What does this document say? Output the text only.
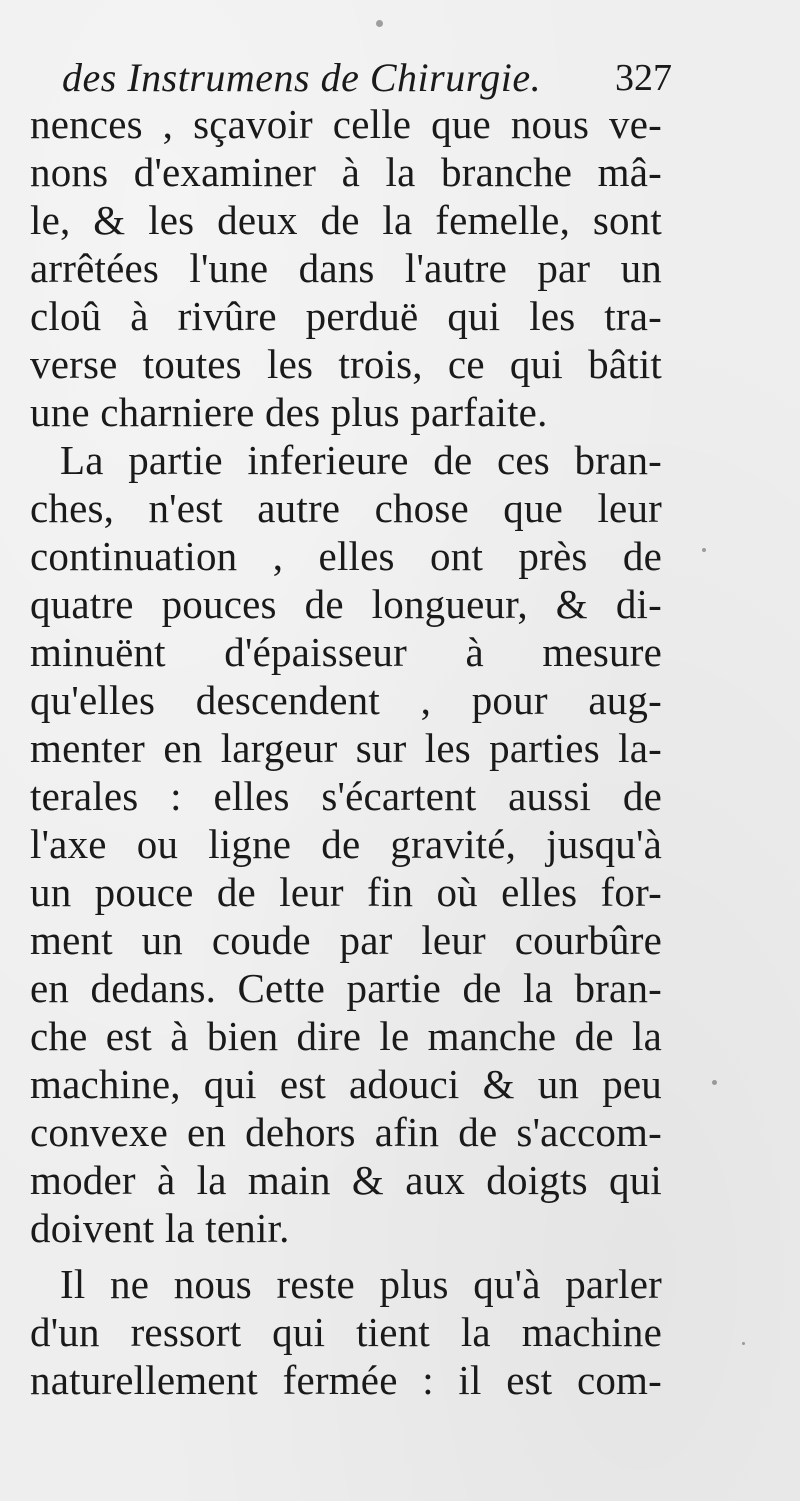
des Instrumens de Chirurgie. 327
nences , sçavoir celle que nous ve-
nons d'examiner à la branche mâ-
le, & les deux de la femelle, sont
arrêtées l'une dans l'autre par un
cloû à rivûre perduë qui les tra-
verse toutes les trois, ce qui bâtit
une charniere des plus parfaite.
La partie inferieure de ces bran-
ches, n'est autre chose que leur
continuation , elles ont près de
quatre pouces de longueur, & di-
minuënt d'épaisseur à mesure
qu'elles descendent , pour aug-
menter en largeur sur les parties la-
terales : elles s'écartent aussi de
l'axe ou ligne de gravité, jusqu'à
un pouce de leur fin où elles for-
ment un coude par leur courbûre
en dedans. Cette partie de la bran-
che est à bien dire le manche de la
machine, qui est adouci & un peu
convexe en dehors afin de s'accom-
moder à la main & aux doigts qui
doivent la tenir.
Il ne nous reste plus qu'à parler
d'un ressort qui tient la machine
naturellement fermée : il est com-
